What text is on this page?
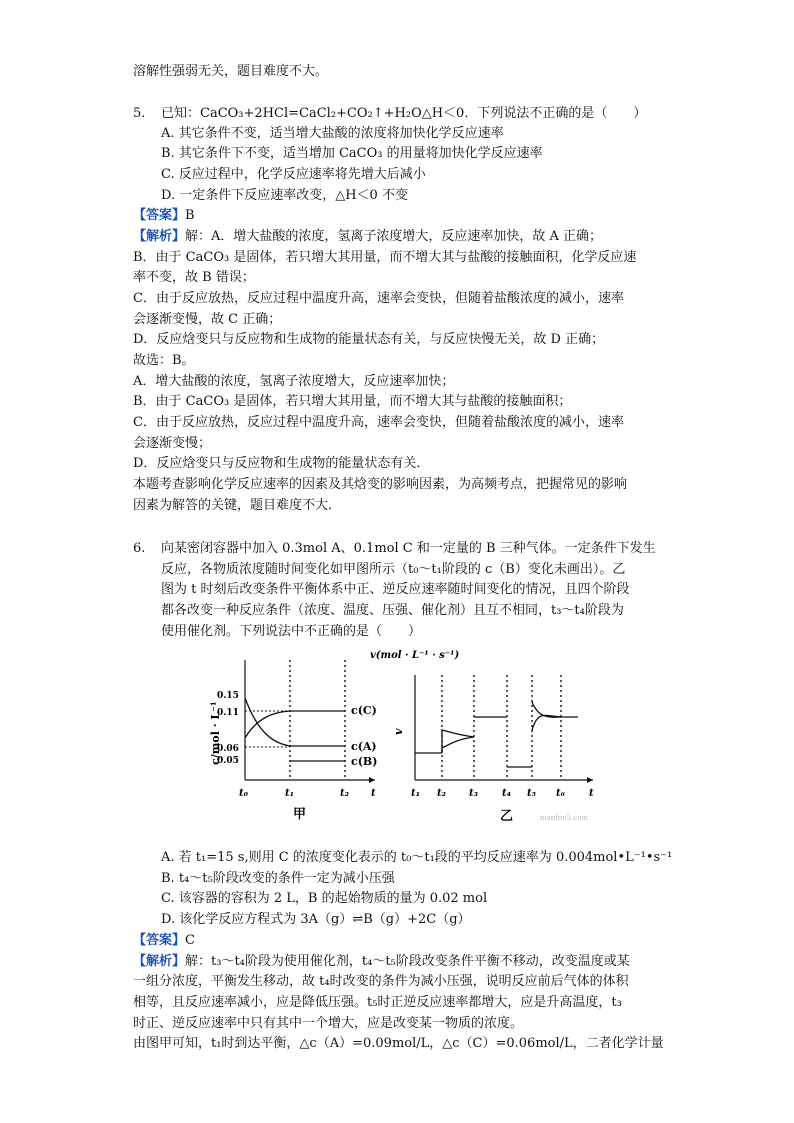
溶解性强弱无关，题目难度不大。
5. 已知：CaCO₃+2HCl=CaCl₂+CO₂↑+H₂O△H＜0．下列说法不正确的是（　　）
A. 其它条件不变，适当增大盐酸的浓度将加快化学反应速率
B. 其它条件下不变，适当增加 CaCO₃ 的用量将加快化学反应速率
C. 反应过程中，化学反应速率将先增大后减小
D. 一定条件下反应速率改变，△H＜0 不变
【答案】B
【解析】解：A．增大盐酸的浓度，氢离子浓度增大，反应速率加快，故 A 正确；
B．由于 CaCO₃ 是固体，若只增大其用量，而不增大其与盐酸的接触面积，化学反应速
率不变，故 B 错误；
C．由于反应放热，反应过程中温度升高，速率会变快，但随着盐酸浓度的减小，速率
会逐渐变慢，故 C 正确；
D．反应焓变只与反应物和生成物的能量状态有关，与反应快慢无关，故 D 正确；
故选：B。
A．增大盐酸的浓度，氢离子浓度增大，反应速率加快；
B．由于 CaCO₃ 是固体，若只增大其用量，而不增大其与盐酸的接触面积；
C．由于反应放热，反应过程中温度升高，速率会变快，但随着盐酸浓度的减小，速率
会逐渐变慢；
D．反应焓变只与反应物和生成物的能量状态有关．
本题考查影响化学反应速率的因素及其焓变的影响因素，为高频考点，把握常见的影响
因素为解答的关键，题目难度不大．
6. 向某密闭容器中加入 0.3mol A、0.1mol C 和一定量的 B 三种气体。一定条件下发生
反应，各物质浓度随时间变化如甲图所示（t₀～t₁阶段的 c（B）变化未画出）。乙
图为 t 时刻后改变条件平衡体系中正、逆反应速率随时间变化的情况，且四个阶段
都各改变一种反应条件（浓度、温度、压强、催化剂）且互不相同，t₃～t₄阶段为
使用催化剂。下列说法中不正确的是（　　）
c/mol · L⁻¹
0.15
0.11
0.06
0.05
c(C)
c(A)
c(B)
t₀	t₁	t₂ t
甲
v(mol · L⁻¹ · s⁻¹)
v
t₁ t₂ t₃ t₄ t₅ t₆ t
乙	manfen5.com
A. 若 t₁=15 s,则用 C 的浓度变化表示的 t₀～t₁段的平均反应速率为 0.004mol•L⁻¹•s⁻¹
B. t₄～t₅阶段改变的条件一定为减小压强
C. 该容器的容积为 2 L，B 的起始物质的量为 0.02 mol
D. 该化学反应方程式为 3A（g）⇌B（g）+2C（g）
【答案】C
【解析】解：t₃～t₄阶段为使用催化剂，t₄～t₅阶段改变条件平衡不移动，改变温度或某
一组分浓度，平衡发生移动，故 t₄时改变的条件为减小压强，说明反应前后气体的体积
相等，且反应速率减小，应是降低压强。t₅时正逆反应速率都增大，应是升高温度，t₃
时正、逆反应速率中只有其中一个增大，应是改变某一物质的浓度。
由图甲可知，t₁时到达平衡，△c（A）=0.09mol/L，△c（C）=0.06mol/L，二者化学计量
